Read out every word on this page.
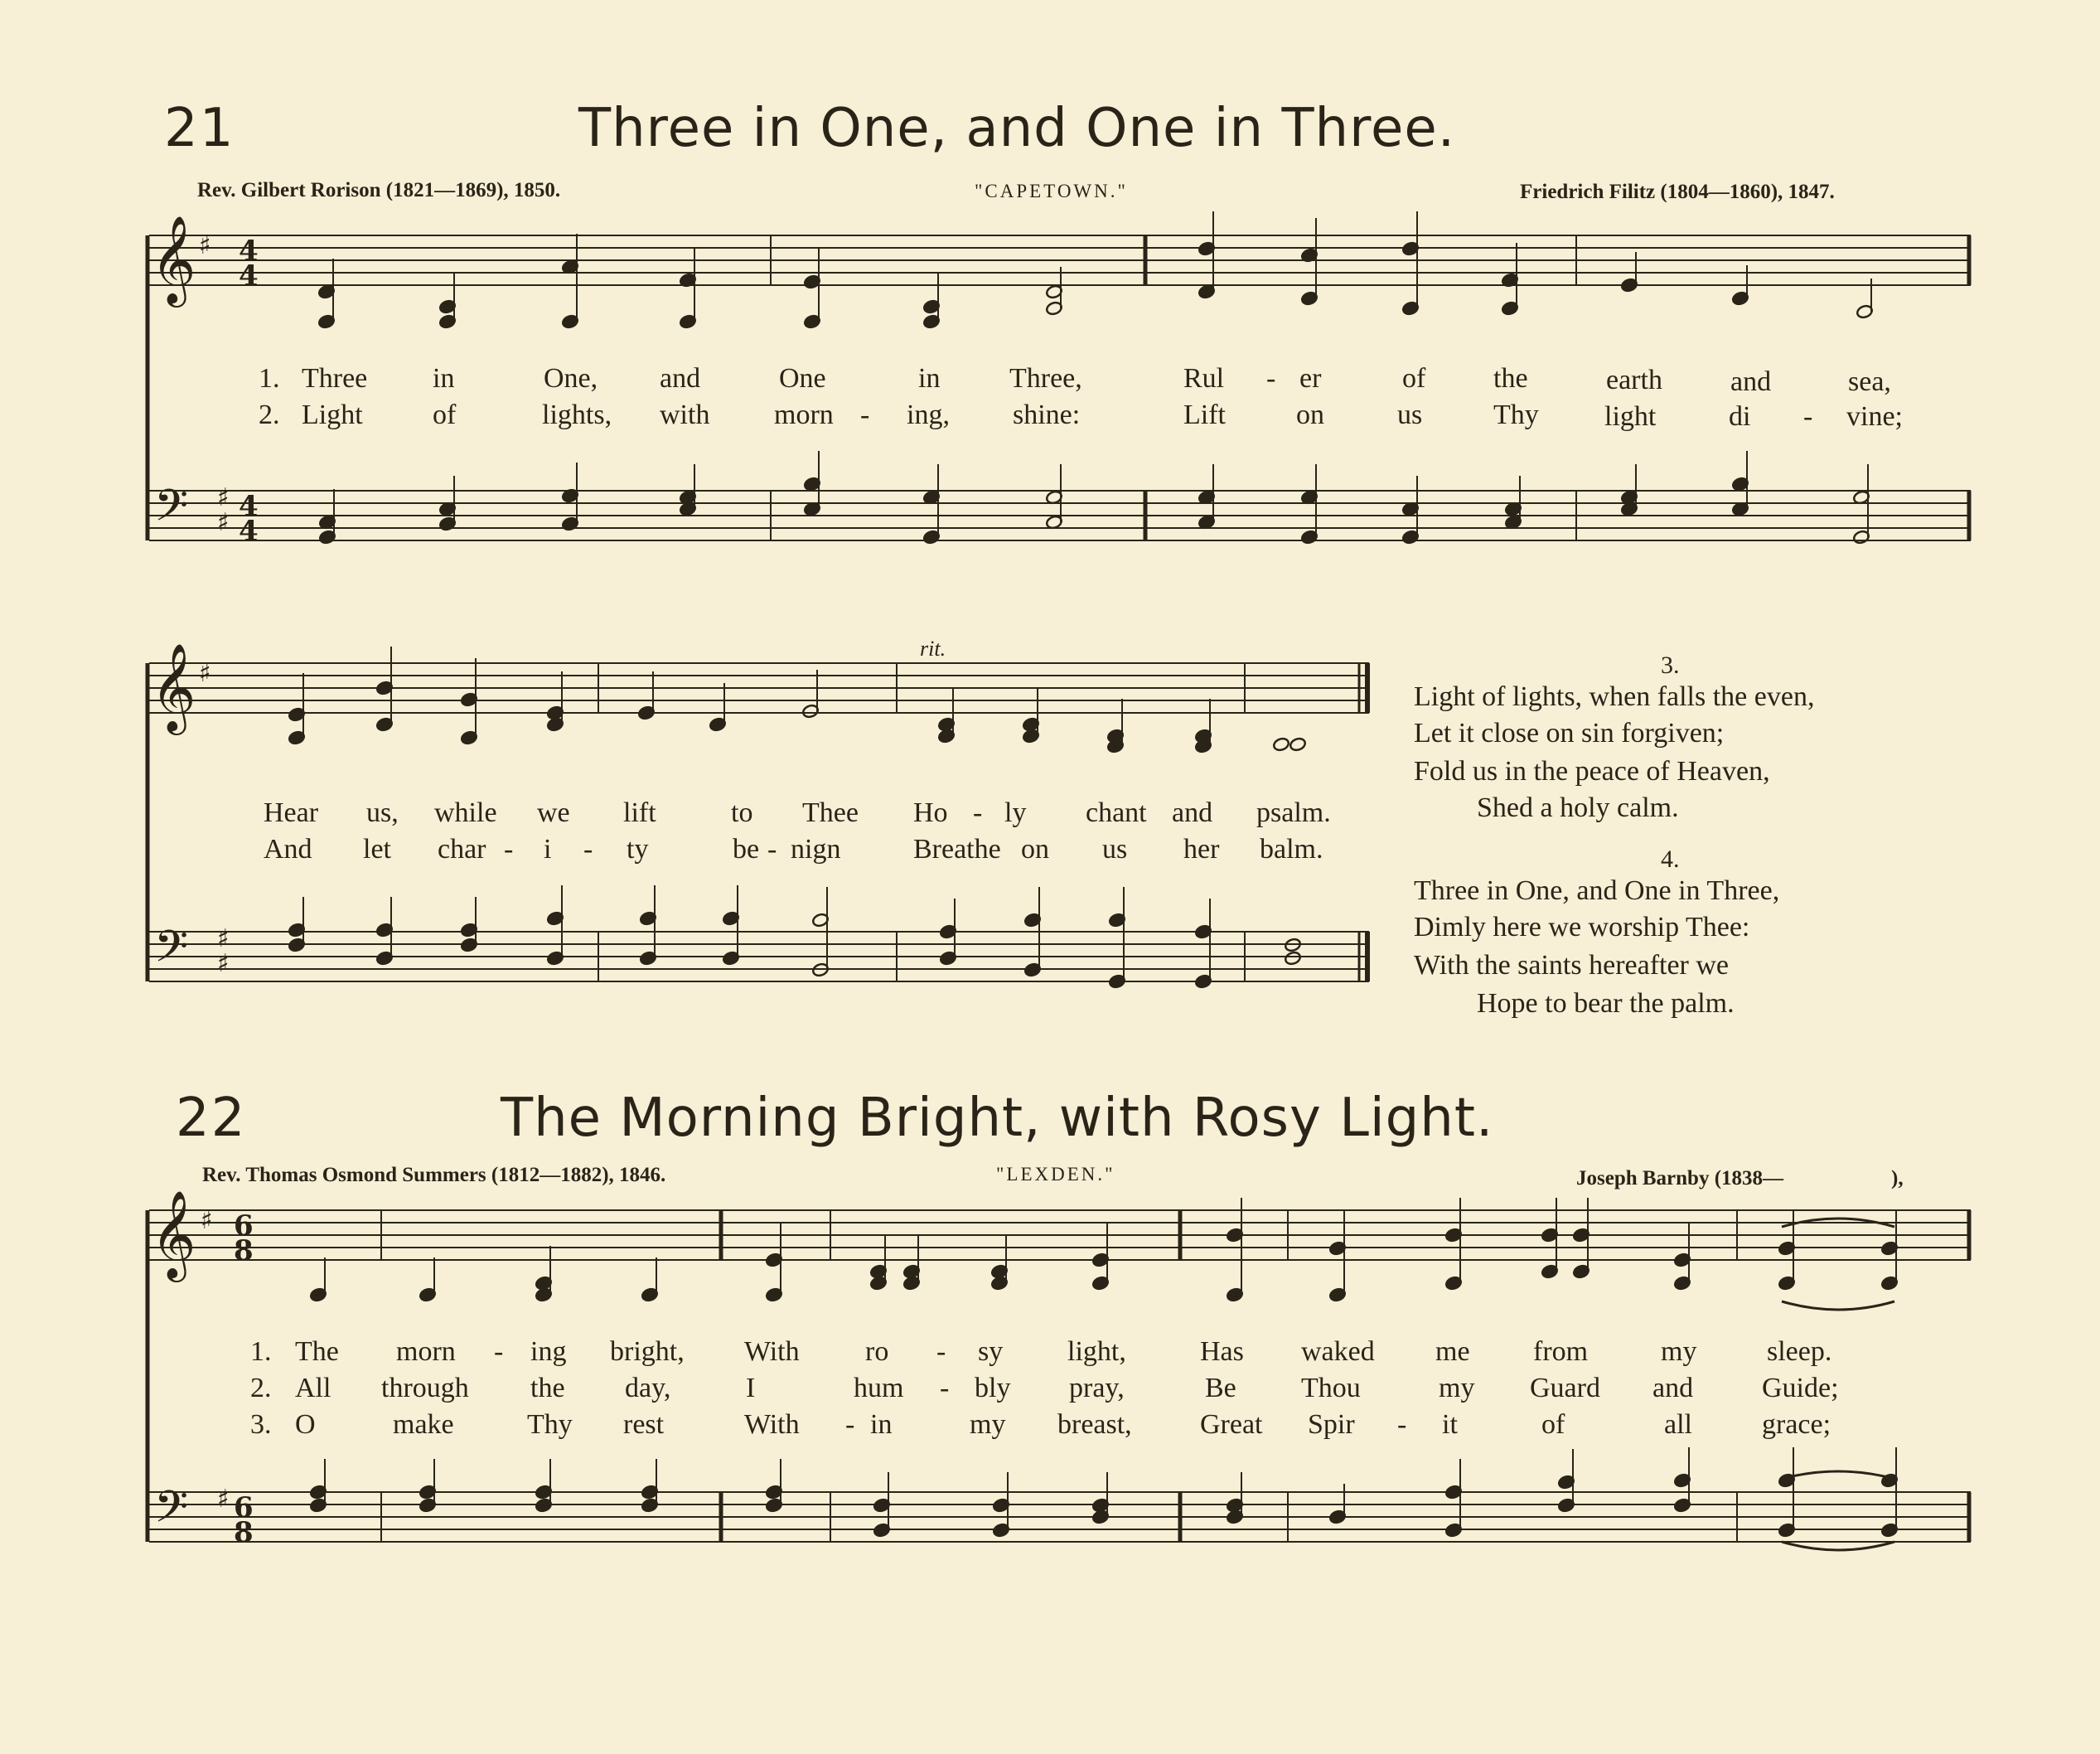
21	Three in One, and One in Three.
Rev. Gilbert Rorison (1821—1869), 1850.	"CAPETOWN."	Friedrich Filitz (1804—1860), 1847.
1. Three in	One, and	One	in Three,	Rul - er	of the	earth and	sea,
2. Light of	lights, with morn - ing, shine:	Lift	on	us	Thy light	di - vine;
rit.
Hear us, while we lift	to Thee Ho - ly chant and psalm.
And let char - i - ty	be - nign	Breathe on us her balm.
3.
Light of lights, when falls the even,
Let it close on sin forgiven;
Fold us in the peace of Heaven,
Shed a holy calm.
4.
Three in One, and One in Three,
Dimly here we worship Thee:
With the saints hereafter we
Hope to bear the palm.
22	The Morning Bright, with Rosy Light.
Rev. Thomas Osmond Summers (1812—1882), 1846.	"LEXDEN."	Joseph Barnby (1838—	),
1. The morn - ing bright, With ro - sy light,	Has waked me from	my sleep.
2. All through the day,	I	hum - bly pray,	Be Thou	my Guard and Guide;
3. O	make	Thy rest	With - in	my breast, Great Spir - it	of	all grace;
𝄞 ♯ 4
4
𝄢 ♯
♯ 4
4
𝄞 ♯
𝄢 ♯
♯
𝄞 ♯ 6
8
𝄢 ♯ 6
8
